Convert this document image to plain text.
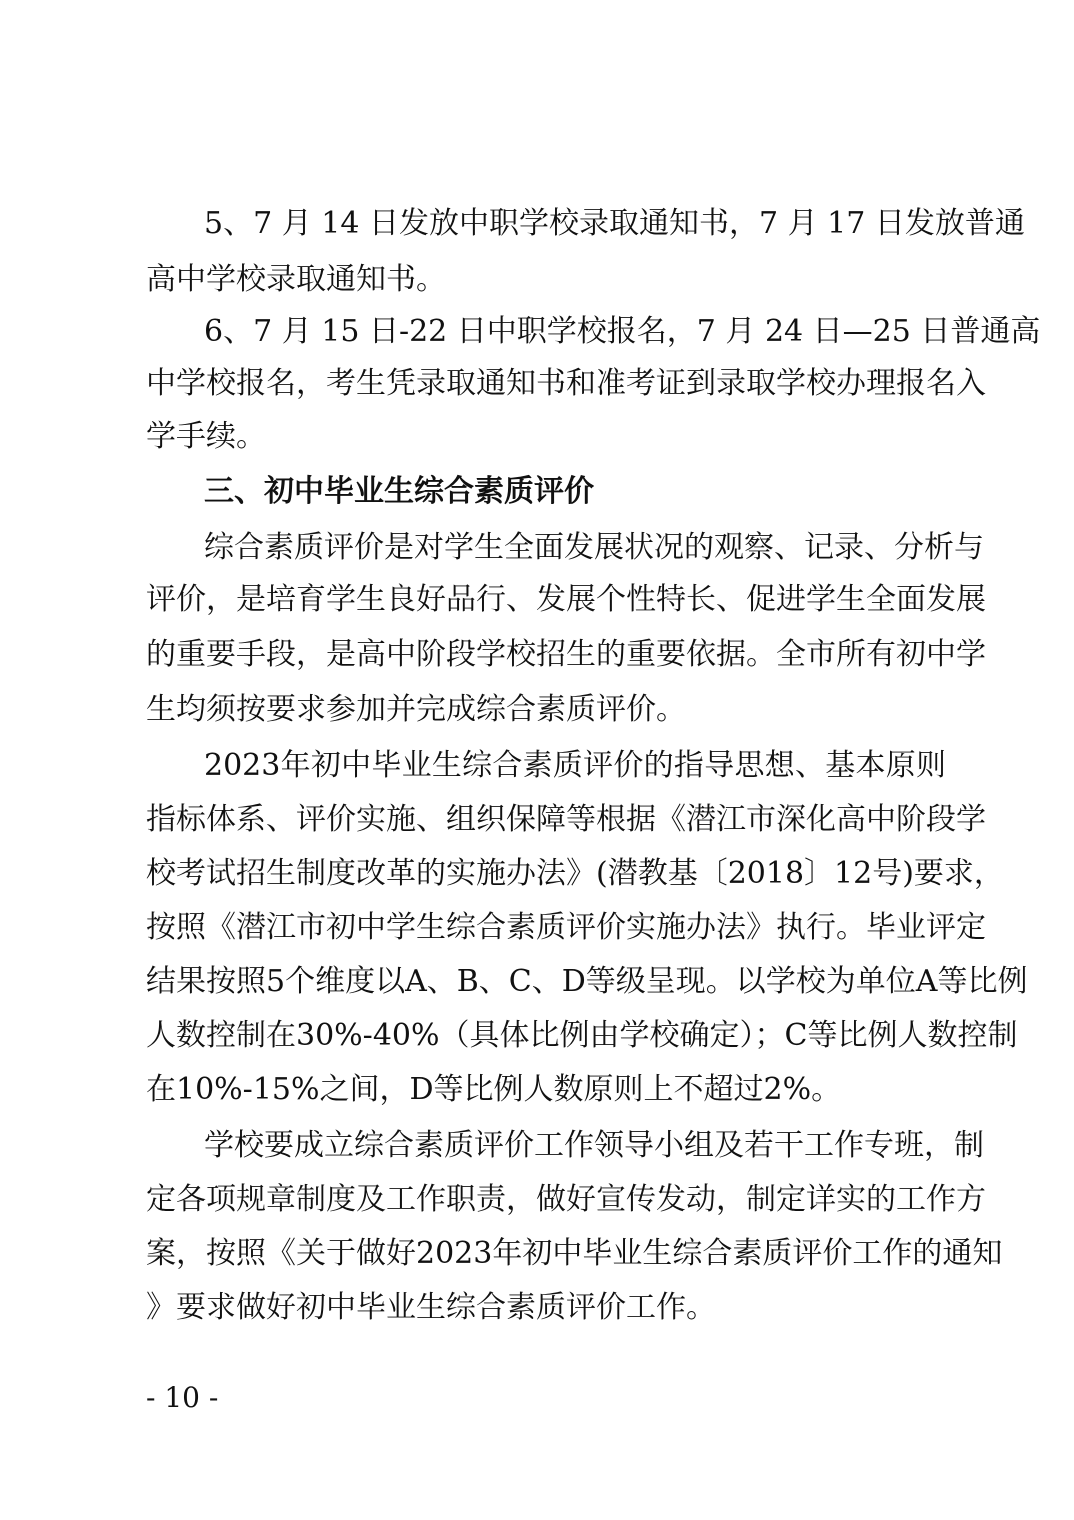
5、7 月 14 日发放中职学校录取通知书，7 月 17 日发放普通
高中学校录取通知书。
6、7 月 15 日-22 日中职学校报名，7 月 24 日—25 日普通高
中学校报名，考生凭录取通知书和准考证到录取学校办理报名入
学手续。
三、初中毕业生综合素质评价
综合素质评价是对学生全面发展状况的观察、记录、分析与
评价，是培育学生良好品行、发展个性特长、促进学生全面发展
的重要手段，是高中阶段学校招生的重要依据。全市所有初中学
生均须按要求参加并完成综合素质评价。
2023年初中毕业生综合素质评价的指导思想、基本原则
指标体系、评价实施、组织保障等根据《潜江市深化高中阶段学
校考试招生制度改革的实施办法》(潜教基〔2018〕12号)要求，
按照《潜江市初中学生综合素质评价实施办法》执行。毕业评定
结果按照5个维度以A、B、C、D等级呈现。以学校为单位A等比例
人数控制在30%-40%（具体比例由学校确定）；C等比例人数控制
在10%-15%之间，D等比例人数原则上不超过2%。
学校要成立综合素质评价工作领导小组及若干工作专班，制
定各项规章制度及工作职责，做好宣传发动，制定详实的工作方
案，按照《关于做好2023年初中毕业生综合素质评价工作的通知
》要求做好初中毕业生综合素质评价工作。
- 10 -
